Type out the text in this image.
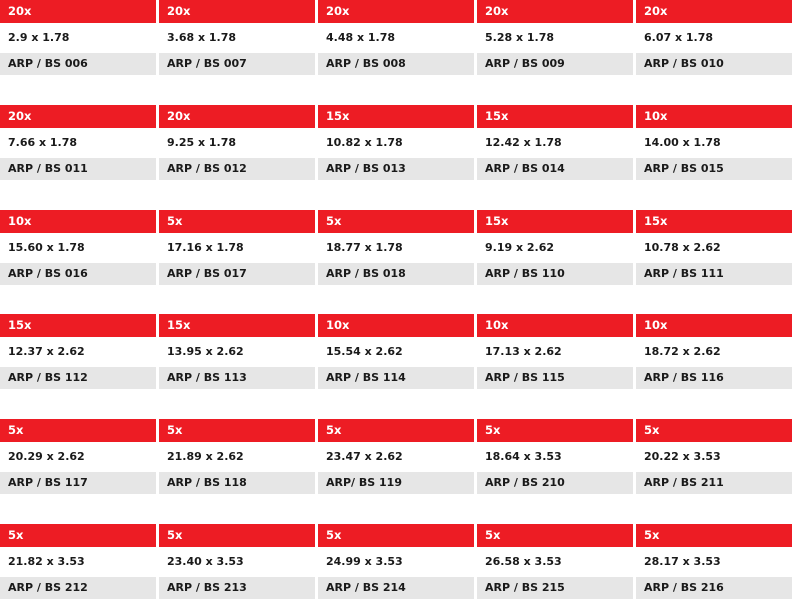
20x
2.9 x 1.78
ARP / BS 006
20x
3.68 x 1.78
ARP / BS 007
20x
4.48 x 1.78
ARP / BS 008
20x
5.28 x 1.78
ARP / BS 009
20x
6.07 x 1.78
ARP / BS 010
20x
7.66 x 1.78
ARP / BS 011
20x
9.25 x 1.78
ARP / BS 012
15x
10.82 x 1.78
ARP / BS 013
15x
12.42 x 1.78
ARP / BS 014
10x
14.00 x 1.78
ARP / BS 015
10x
15.60 x 1.78
ARP / BS 016
5x
17.16 x 1.78
ARP / BS 017
5x
18.77 x 1.78
ARP / BS 018
15x
9.19 x 2.62
ARP / BS 110
15x
10.78 x 2.62
ARP / BS 111
15x
12.37 x 2.62
ARP / BS 112
15x
13.95 x 2.62
ARP / BS 113
10x
15.54 x 2.62
ARP / BS 114
10x
17.13 x 2.62
ARP / BS 115
10x
18.72 x 2.62
ARP / BS 116
5x
20.29 x 2.62
ARP / BS 117
5x
21.89 x 2.62
ARP / BS 118
5x
23.47 x 2.62
ARP/ BS 119
5x
18.64 x 3.53
ARP / BS 210
5x
20.22 x 3.53
ARP / BS 211
5x
21.82 x 3.53
ARP / BS 212
5x
23.40 x 3.53
ARP / BS 213
5x
24.99 x 3.53
ARP / BS 214
5x
26.58 x 3.53
ARP / BS 215
5x
28.17 x 3.53
ARP / BS 216
